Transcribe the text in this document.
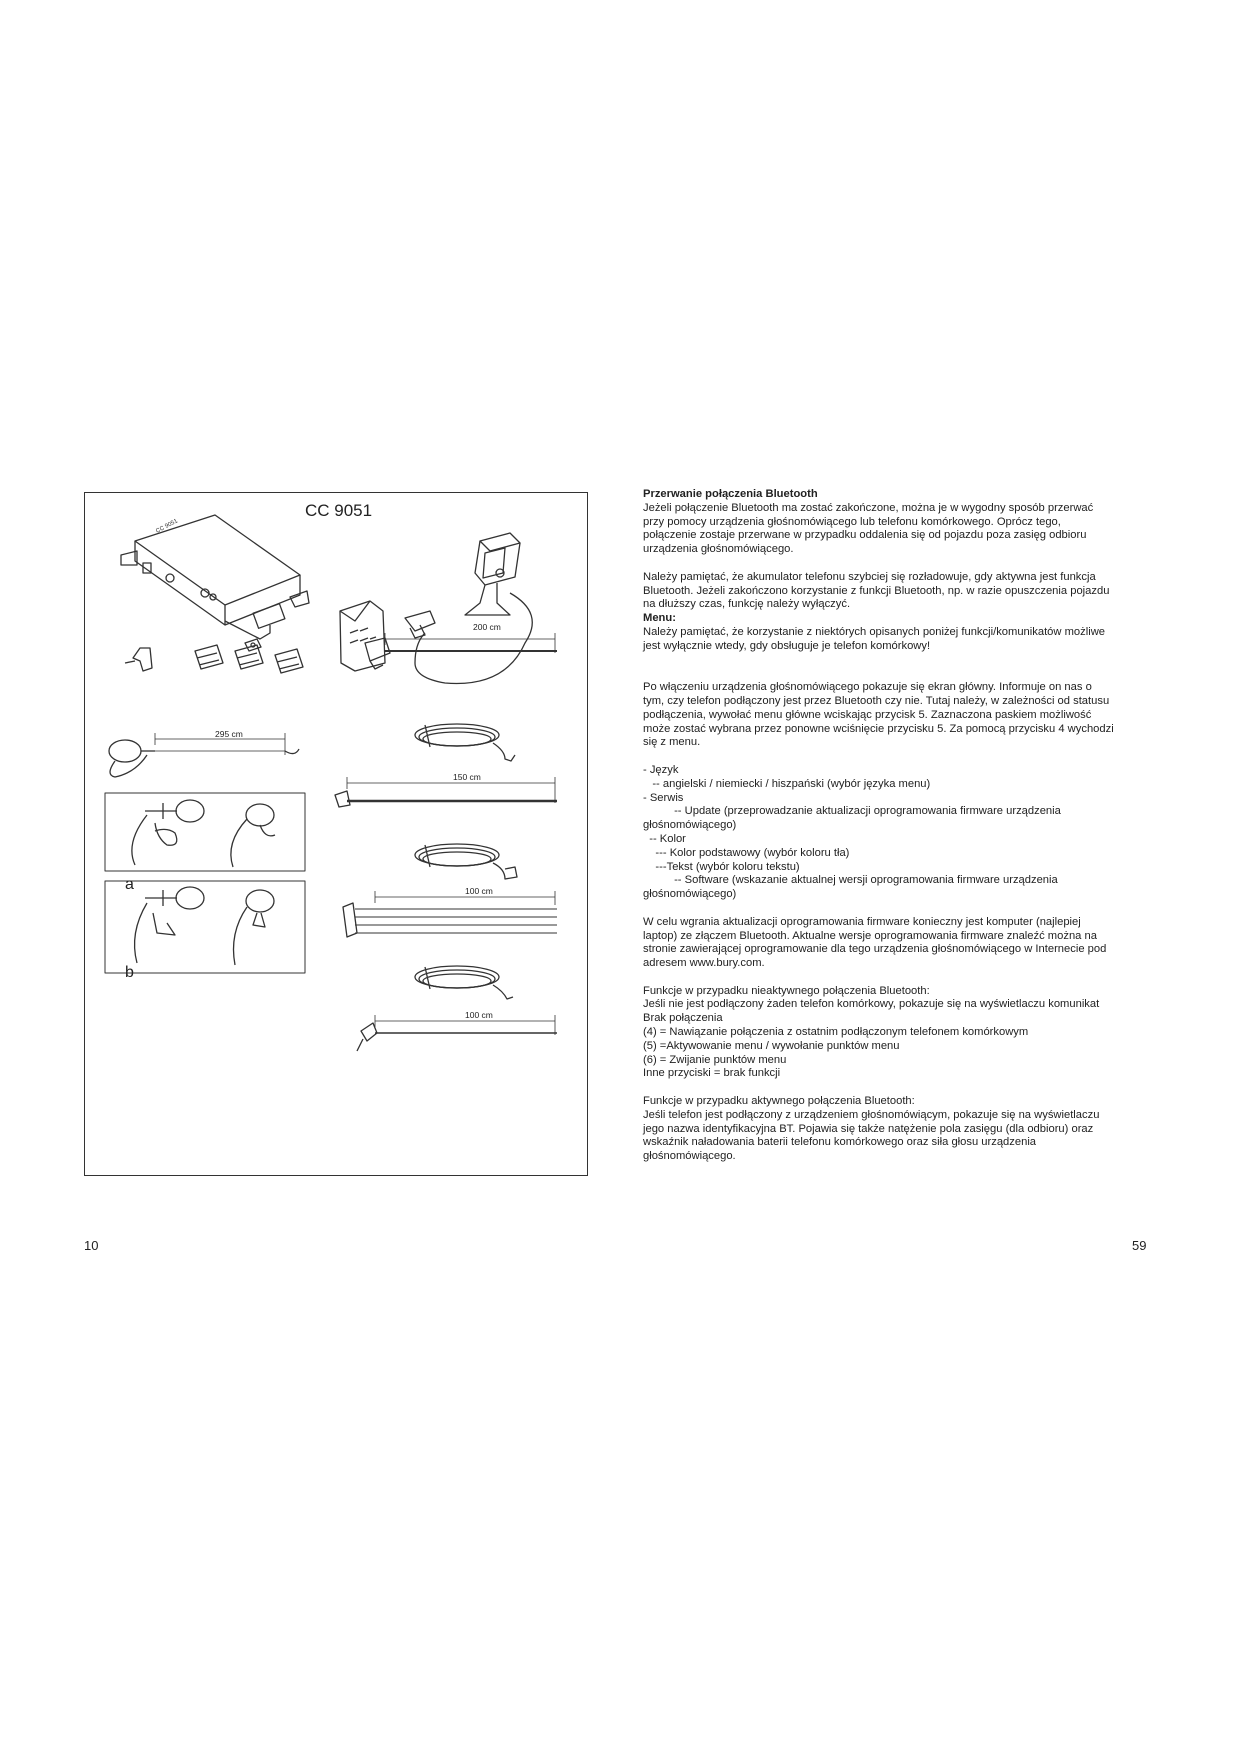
CC 9051
CC 9051
200 cm
295 cm
150 cm
100 cm
100 cm
a
b

Przerwanie połączenia Bluetooth

Jeżeli połączenie Bluetooth ma zostać zakończone, można je w wygodny sposób przerwać

przy pomocy urządzenia głośnomówiącego lub telefonu komórkowego. Oprócz tego,

połączenie zostaje przerwane w przypadku oddalenia się od pojazdu poza zasięg odbioru

urządzenia głośnomówiącego.

Należy pamiętać, że akumulator telefonu szybciej się rozładowuje, gdy aktywna jest funkcja

Bluetooth. Jeżeli zakończono korzystanie z funkcji Bluetooth, np. w razie opuszczenia pojazdu

na dłuższy czas, funkcję należy wyłączyć.

Menu:

Należy pamiętać, że korzystanie z niektórych opisanych poniżej funkcji/komunikatów możliwe

jest wyłącznie wtedy, gdy obsługuje je telefon komórkowy!

Po włączeniu urządzenia głośnomówiącego pokazuje się ekran główny. Informuje on nas o

tym, czy telefon podłączony jest przez Bluetooth czy nie. Tutaj należy, w zależności od statusu

podłączenia, wywołać menu główne wciskając przycisk 5. Zaznaczona paskiem możliwość

może zostać wybrana przez ponowne wciśnięcie przycisku 5. Za pomocą przycisku 4 wychodzi

się z menu.

- Język

-- angielski / niemiecki / hiszpański (wybór języka menu)

- Serwis

-- Update (przeprowadzanie aktualizacji oprogramowania firmware urządzenia

głośnomówiącego)

-- Kolor

--- Kolor podstawowy (wybór koloru tła)

---Tekst (wybór koloru tekstu)

-- Software (wskazanie aktualnej wersji oprogramowania firmware urządzenia

głośnomówiącego)

W celu wgrania aktualizacji oprogramowania firmware konieczny jest komputer (najlepiej

laptop) ze złączem Bluetooth. Aktualne wersje oprogramowania firmware znaleźć można na

stronie zawierającej oprogramowanie dla tego urządzenia głośnomówiącego w Internecie pod

adresem www.bury.com.

Funkcje w przypadku nieaktywnego połączenia Bluetooth:

Jeśli nie jest podłączony żaden telefon komórkowy, pokazuje się na wyświetlaczu komunikat

Brak połączenia

(4) = Nawiązanie połączenia z ostatnim podłączonym telefonem komórkowym

(5) =Aktywowanie menu / wywołanie punktów menu

(6) = Zwijanie punktów menu

Inne przyciski = brak funkcji

Funkcje w przypadku aktywnego połączenia Bluetooth:

Jeśli telefon jest podłączony z urządzeniem głośnomówiącym, pokazuje się na wyświetlaczu

jego nazwa identyfikacyjna BT. Pojawia się także natężenie pola zasięgu (dla odbioru) oraz

wskaźnik naładowania baterii telefonu komórkowego oraz siła głosu urządzenia

głośnomówiącego.

10	59
